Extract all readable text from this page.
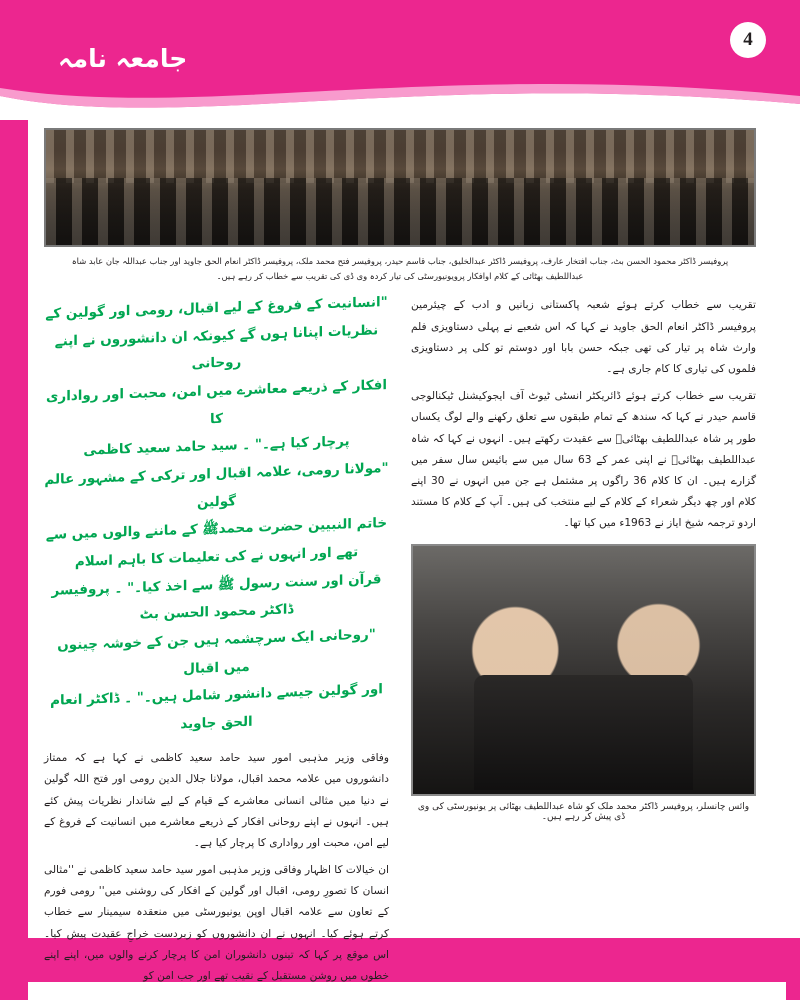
4
جامعہ نامہ
پروفیسر ڈاکٹر محمود الحسن بٹ، جناب افتخار عارف، پروفیسر ڈاکٹر عبدالخلیق، جناب قاسم حیدر، پروفیسر فتح محمد ملک، پروفیسر ڈاکٹر انعام الحق جاوید اور جناب عبداللہ جان عابد شاہ عبداللطیف بھٹائی کے کلام اوافکار پرویونیورسٹی کی تیار کردہ وی ڈی کی تقریب سے خطاب کر رہے ہیں۔

تقریب سے خطاب کرتے ہوئے شعبہ پاکستانی زبانیں و ادب کے چیئرمین پروفیسر ڈاکٹر انعام الحق جاوید نے کہا کہ اس شعبے نے پہلی دستاویزی فلم وارث شاہ پر تیار کی تھی جبکہ حسن بابا اور دوستم تو کلی پر دستاویزی فلموں کی تیاری کا کام جاری ہے۔

تقریب سے خطاب کرتے ہوئے ڈائریکٹر انسٹی ٹیوٹ آف ایجوکیشنل ٹیکنالوجی قاسم حیدر نے کہا کہ سندھ کے تمام طبقوں سے تعلق رکھنے والے لوگ یکساں طور پر شاہ عبداللطیف بھٹائیؒ سے عقیدت رکھتے ہیں۔ انہوں نے کہا کہ شاہ عبداللطیف بھٹائیؒ نے اپنی عمر کے 63 سال میں سے بائیس سال سفر میں گزارے ہیں۔ ان کا کلام 36 راگوں پر مشتمل ہے جن میں انہوں نے 30 اپنے کلام اور چھ دیگر شعراء کے کلام کے لیے منتخب کی ہیں۔ آپ کے کلام کا مستند اردو ترجمہ شیخ ایاز نے 1963ء میں کیا تھا۔

وائس چانسلر، پروفیسر ڈاکٹر محمد ملک کو شاہ عبداللطیف بھٹائی پر یونیورسٹی کی وی ڈی پیش کر رہے ہیں۔
"انسانیت کے فروغ کے لیے اقبال، رومی اور گولین کے
نظریات اپنانا ہوں گے کیونکہ ان دانشوروں نے اپنے روحانی
افکار کے ذریعے معاشرے میں امن، محبت اور رواداری کا
پرچار کیا ہے۔" ۔ سید حامد سعید کاظمی
"مولانا رومی، علامہ اقبال اور ترکی کے مشہور عالم گولین
خاتم النبیین حضرت محمدﷺ کے ماننے والوں میں سے تھے اور انہوں نے کی تعلیمات کا باہم اسلام
قرآن اور سنت رسول ﷺ سے اخذ کیا۔" ۔ پروفیسر ڈاکٹر محمود الحسن بٹ
"روحانی ایک سرچشمہ ہیں جن کے خوشہ چینوں میں اقبال
اور گولین جیسے دانشور شامل ہیں۔" ۔ ڈاکٹر انعام الحق جاوید

وفاقی وزیر مذہبی امور سید حامد سعید کاظمی نے کہا ہے کہ ممتاز دانشوروں میں علامہ محمد اقبال، مولانا جلال الدین رومی اور فتح اللہ گولین نے دنیا میں مثالی انسانی معاشرے کے قیام کے لیے شاندار نظریات پیش کئے ہیں۔ انہوں نے اپنے روحانی افکار کے ذریعے معاشرے میں انسانیت کے فروغ کے لیے امن، محبت اور رواداری کا پرچار کیا ہے۔

ان خیالات کا اظہار وفاقی وزیر مذہبی امور سید حامد سعید کاظمی نے ''مثالی انسان کا تصورِ رومی، اقبال اور گولین کے افکار کی روشنی میں'' رومی فورم کے تعاون سے علامہ اقبال اوپن یونیورسٹی میں منعقدہ سیمینار سے خطاب کرتے ہوئے کیا۔ انہوں نے ان دانشوروں کو زبردست خراجِ عقیدت پیش کیا۔ اس موقع پر کہا کہ تینوں دانشوران امن کا پرچار کرنے والوں میں، اپنے اپنے خطوں میں روشن مستقبل کے نقیب تھے اور جب امن کو
